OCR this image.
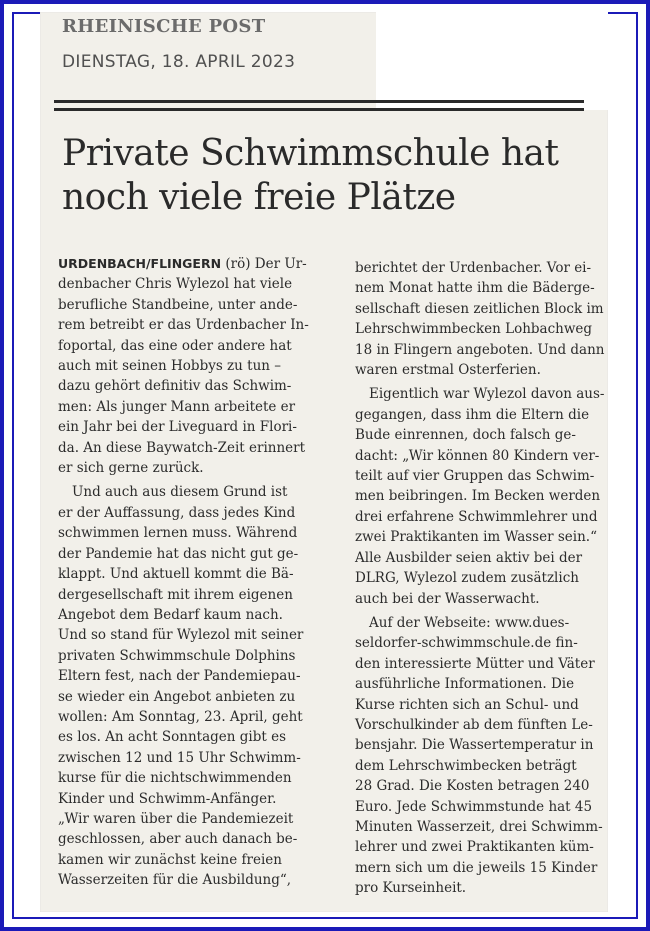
RHEINISCHE POST
DIENSTAG, 18. APRIL 2023
Private Schwimmschule hat
noch viele freie Plätze
URDENBACH/FLINGERN (rö) Der Ur-
denbacher Chris Wylezol hat viele
berufliche Standbeine, unter ande-
rem betreibt er das Urdenbacher In-
foportal, das eine oder andere hat
auch mit seinen Hobbys zu tun –
dazu gehört definitiv das Schwim-
men: Als junger Mann arbeitete er
ein Jahr bei der Liveguard in Flori-
da. An diese Baywatch-Zeit erinnert
er sich gerne zurück.
Und auch aus diesem Grund ist
er der Auffassung, dass jedes Kind
schwimmen lernen muss. Während
der Pandemie hat das nicht gut ge-
klappt. Und aktuell kommt die Bä-
dergesellschaft mit ihrem eigenen
Angebot dem Bedarf kaum nach.
Und so stand für Wylezol mit seiner
privaten Schwimmschule Dolphins
Eltern fest, nach der Pandemiepau-
se wieder ein Angebot anbieten zu
wollen: Am Sonntag, 23. April, geht
es los. An acht Sonntagen gibt es
zwischen 12 und 15 Uhr Schwimm-
kurse für die nichtschwimmenden
Kinder und Schwimm-Anfänger.
„Wir waren über die Pandemiezeit
geschlossen, aber auch danach be-
kamen wir zunächst keine freien
Wasserzeiten für die Ausbildung“,
berichtet der Urdenbacher. Vor ei-
nem Monat hatte ihm die Bäderge-
sellschaft diesen zeitlichen Block im
Lehrschwimmbecken Lohbachweg
18 in Flingern angeboten. Und dann
waren erstmal Osterferien.
Eigentlich war Wylezol davon aus-
gegangen, dass ihm die Eltern die
Bude einrennen, doch falsch ge-
dacht: „Wir können 80 Kindern ver-
teilt auf vier Gruppen das Schwim-
men beibringen. Im Becken werden
drei erfahrene Schwimmlehrer und
zwei Praktikanten im Wasser sein.“
Alle Ausbilder seien aktiv bei der
DLRG, Wylezol zudem zusätzlich
auch bei der Wasserwacht.
Auf der Webseite: www.dues-
seldorfer-schwimmschule.de fin-
den interessierte Mütter und Väter
ausführliche Informationen. Die
Kurse richten sich an Schul- und
Vorschulkinder ab dem fünften Le-
bensjahr. Die Wassertemperatur in
dem Lehrschwimbecken beträgt
28 Grad. Die Kosten betragen 240
Euro. Jede Schwimmstunde hat 45
Minuten Wasserzeit, drei Schwimm-
lehrer und zwei Praktikanten küm-
mern sich um die jeweils 15 Kinder
pro Kurseinheit.
